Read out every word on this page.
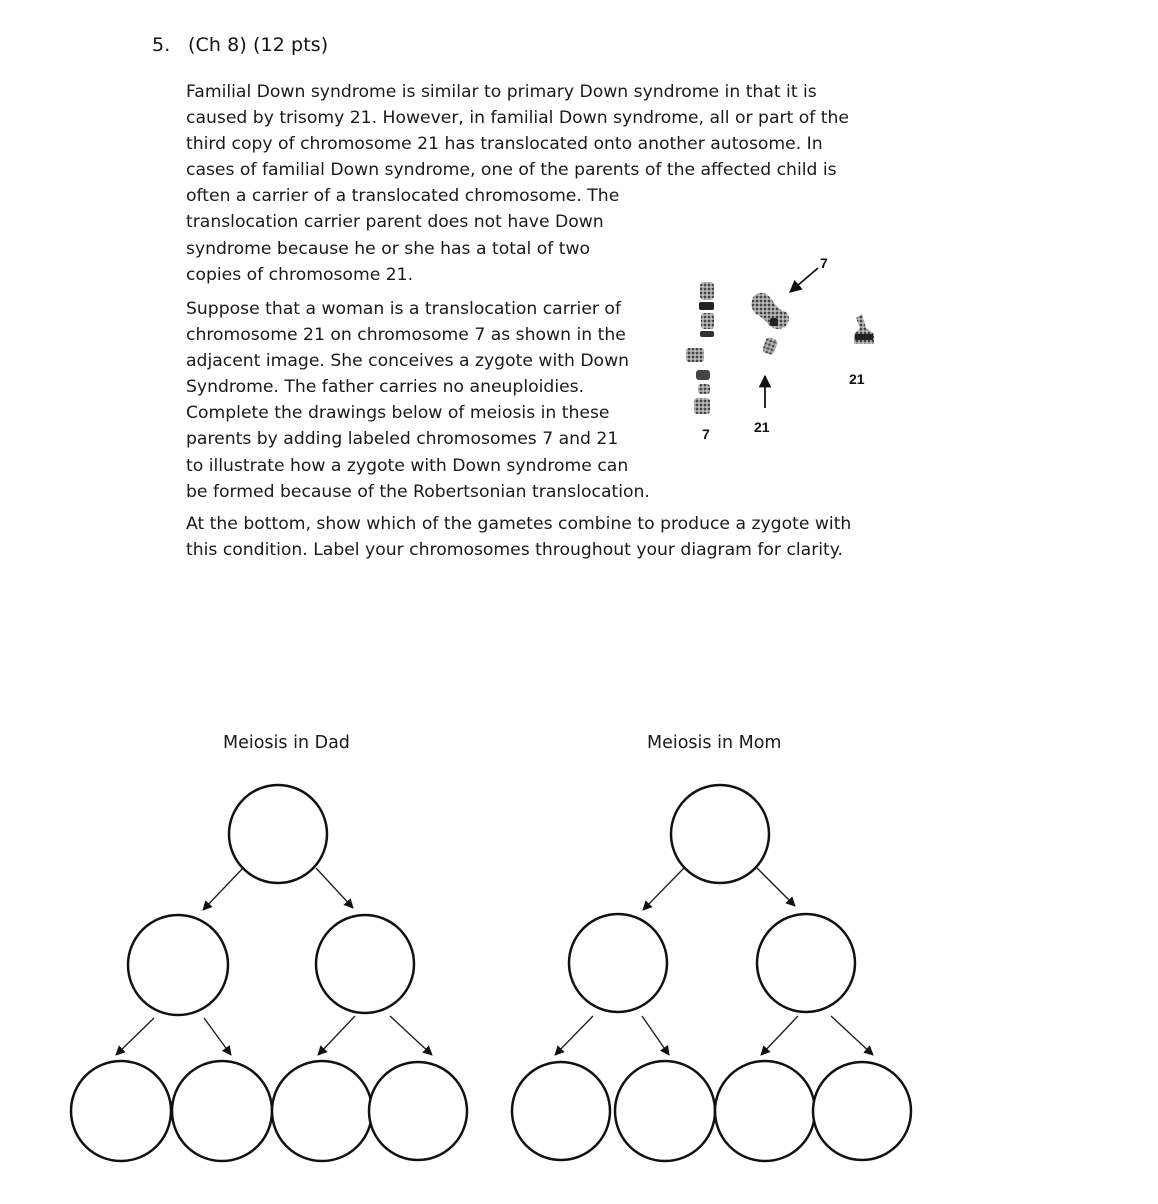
5. (Ch 8) (12 pts)

Familial Down syndrome is similar to primary Down syndrome in that it is
caused by trisomy 21. However, in familial Down syndrome, all or part of the
third copy of chromosome 21 has translocated onto another autosome. In
cases of familial Down syndrome, one of the parents of the affected child is
often a carrier of a translocated chromosome. The
translocation carrier parent does not have Down
syndrome because he or she has a total of two
copies of chromosome 21.

Suppose that a woman is a translocation carrier of
chromosome 21 on chromosome 7 as shown in the
adjacent image. She conceives a zygote with Down
Syndrome. The father carries no aneuploidies.
Complete the drawings below of meiosis in these
parents by adding labeled chromosomes 7 and 21
to illustrate how a zygote with Down syndrome can
be formed because of the Robertsonian translocation.

At the bottom, show which of the gametes combine to produce a zygote with
this condition. Label your chromosomes throughout your diagram for clarity.

Meiosis in Dad	Meiosis in Mom
7
7	21
21
